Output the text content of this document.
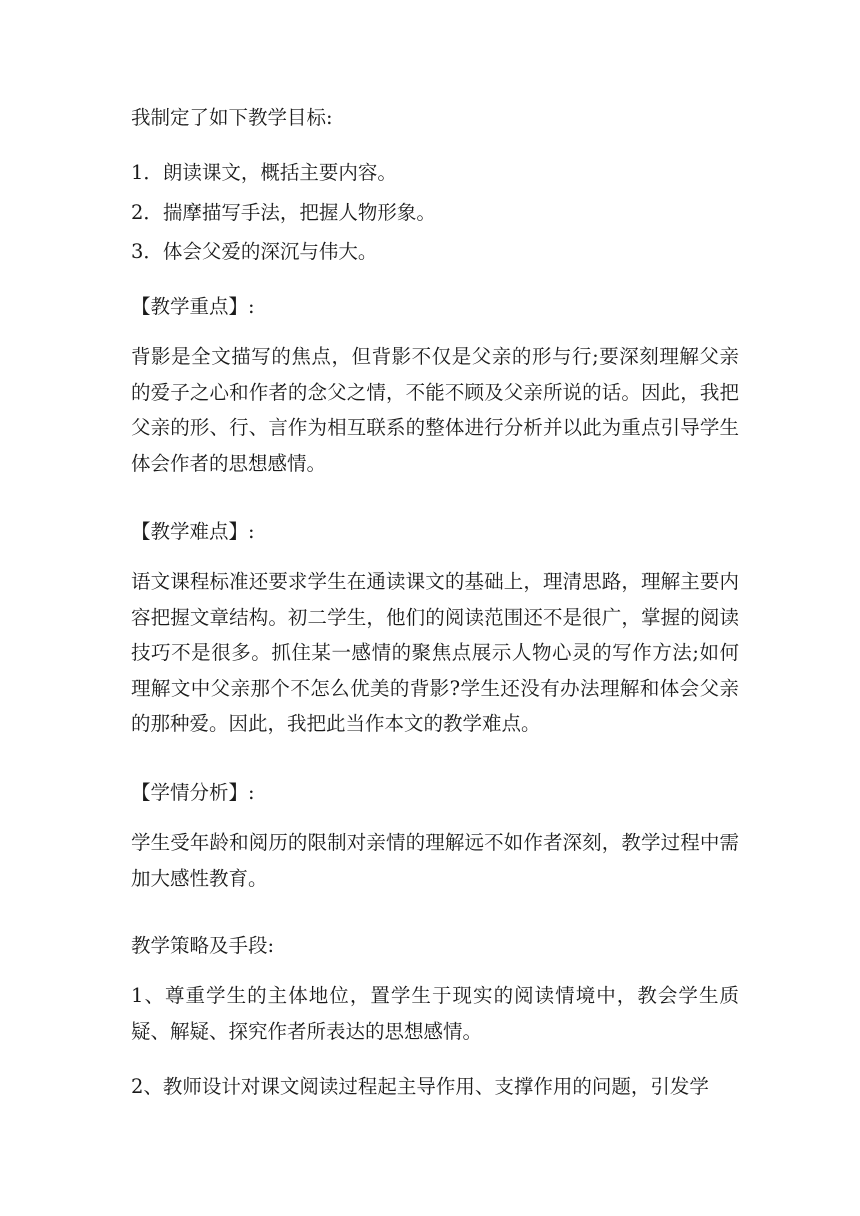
我制定了如下教学目标:
1．朗读课文，概括主要内容。
2．揣摩描写手法，把握人物形象。
3．体会父爱的深沉与伟大。
【教学重点】:
背影是全文描写的焦点，但背影不仅是父亲的形与行;要深刻理解父亲的爱子之心和作者的念父之情，不能不顾及父亲所说的话。因此，我把父亲的形、行、言作为相互联系的整体进行分析并以此为重点引导学生体会作者的思想感情。
【教学难点】:
语文课程标准还要求学生在通读课文的基础上，理清思路，理解主要内容把握文章结构。初二学生，他们的阅读范围还不是很广，掌握的阅读技巧不是很多。抓住某一感情的聚焦点展示人物心灵的写作方法;如何理解文中父亲那个不怎么优美的背影?学生还没有办法理解和体会父亲的那种爱。因此，我把此当作本文的教学难点。
【学情分析】:
学生受年龄和阅历的限制对亲情的理解远不如作者深刻，教学过程中需加大感性教育。
教学策略及手段:
1、尊重学生的主体地位，置学生于现实的阅读情境中，教会学生质疑、解疑、探究作者所表达的思想感情。
2、教师设计对课文阅读过程起主导作用、支撑作用的问题，引发学
